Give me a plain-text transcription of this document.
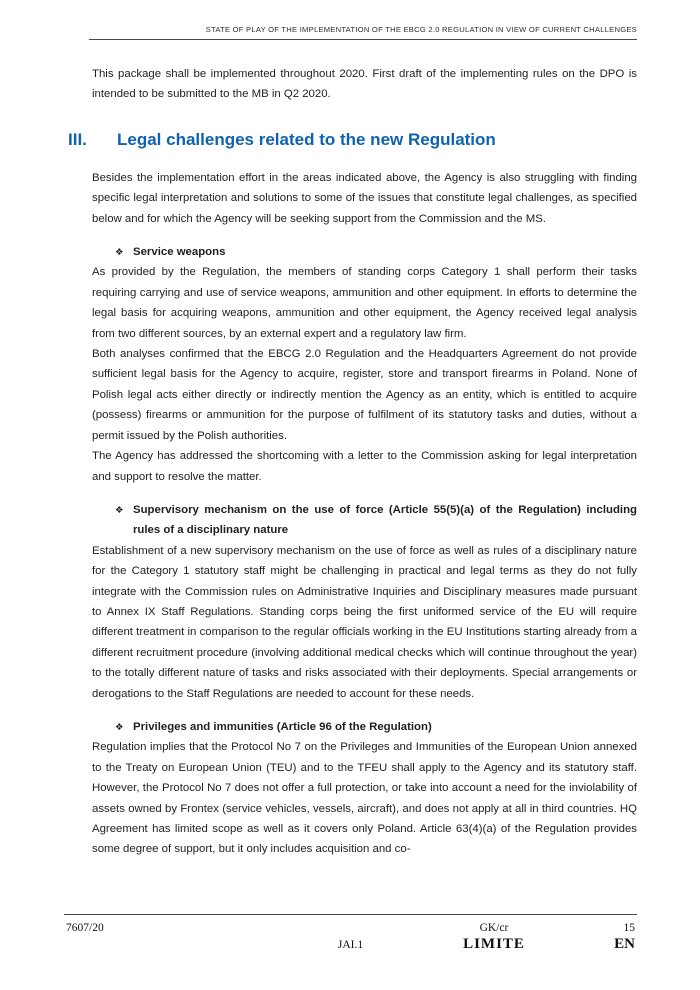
STATE OF PLAY OF THE IMPLEMENTATION OF THE EBCG 2.0 REGULATION IN VIEW OF CURRENT CHALLENGES

This package shall be implemented throughout 2020. First draft of the implementing rules on the DPO is intended to be submitted to the MB in Q2 2020.

III. Legal challenges related to the new Regulation

Besides the implementation effort in the areas indicated above, the Agency is also struggling with finding specific legal interpretation and solutions to some of the issues that constitute legal challenges, as specified below and for which the Agency will be seeking support from the Commission and the MS.

❖ Service weapons

As provided by the Regulation, the members of standing corps Category 1 shall perform their tasks requiring carrying and use of service weapons, ammunition and other equipment. In efforts to determine the legal basis for acquiring weapons, ammunition and other equipment, the Agency received legal analysis from two different sources, by an external expert and a regulatory law firm.

Both analyses confirmed that the EBCG 2.0 Regulation and the Headquarters Agreement do not provide sufficient legal basis for the Agency to acquire, register, store and transport firearms in Poland. None of Polish legal acts either directly or indirectly mention the Agency as an entity, which is entitled to acquire (possess) firearms or ammunition for the purpose of fulfilment of its statutory tasks and duties, without a permit issued by the Polish authorities.

The Agency has addressed the shortcoming with a letter to the Commission asking for legal interpretation and support to resolve the matter.

❖ Supervisory mechanism on the use of force (Article 55(5)(a) of the Regulation) including rules of a disciplinary nature

Establishment of a new supervisory mechanism on the use of force as well as rules of a disciplinary nature for the Category 1 statutory staff might be challenging in practical and legal terms as they do not fully integrate with the Commission rules on Administrative Inquiries and Disciplinary measures made pursuant to Annex IX Staff Regulations. Standing corps being the first uniformed service of the EU will require different treatment in comparison to the regular officials working in the EU Institutions starting already from a different recruitment procedure (involving additional medical checks which will continue throughout the year) to the totally different nature of tasks and risks associated with their deployments. Special arrangements or derogations to the Staff Regulations are needed to account for these needs.

❖ Privileges and immunities (Article 96 of the Regulation)

Regulation implies that the Protocol No 7 on the Privileges and Immunities of the European Union annexed to the Treaty on European Union (TEU) and to the TFEU shall apply to the Agency and its statutory staff. However, the Protocol No 7 does not offer a full protection, or take into account a need for the inviolability of assets owned by Frontex (service vehicles, vessels, aircraft), and does not apply at all in third countries. HQ Agreement has limited scope as well as it covers only Poland. Article 63(4)(a) of the Regulation provides some degree of support, but it only includes acquisition and co-

7607/20
JAI.1
GK/cr
LIMITE
15
EN
